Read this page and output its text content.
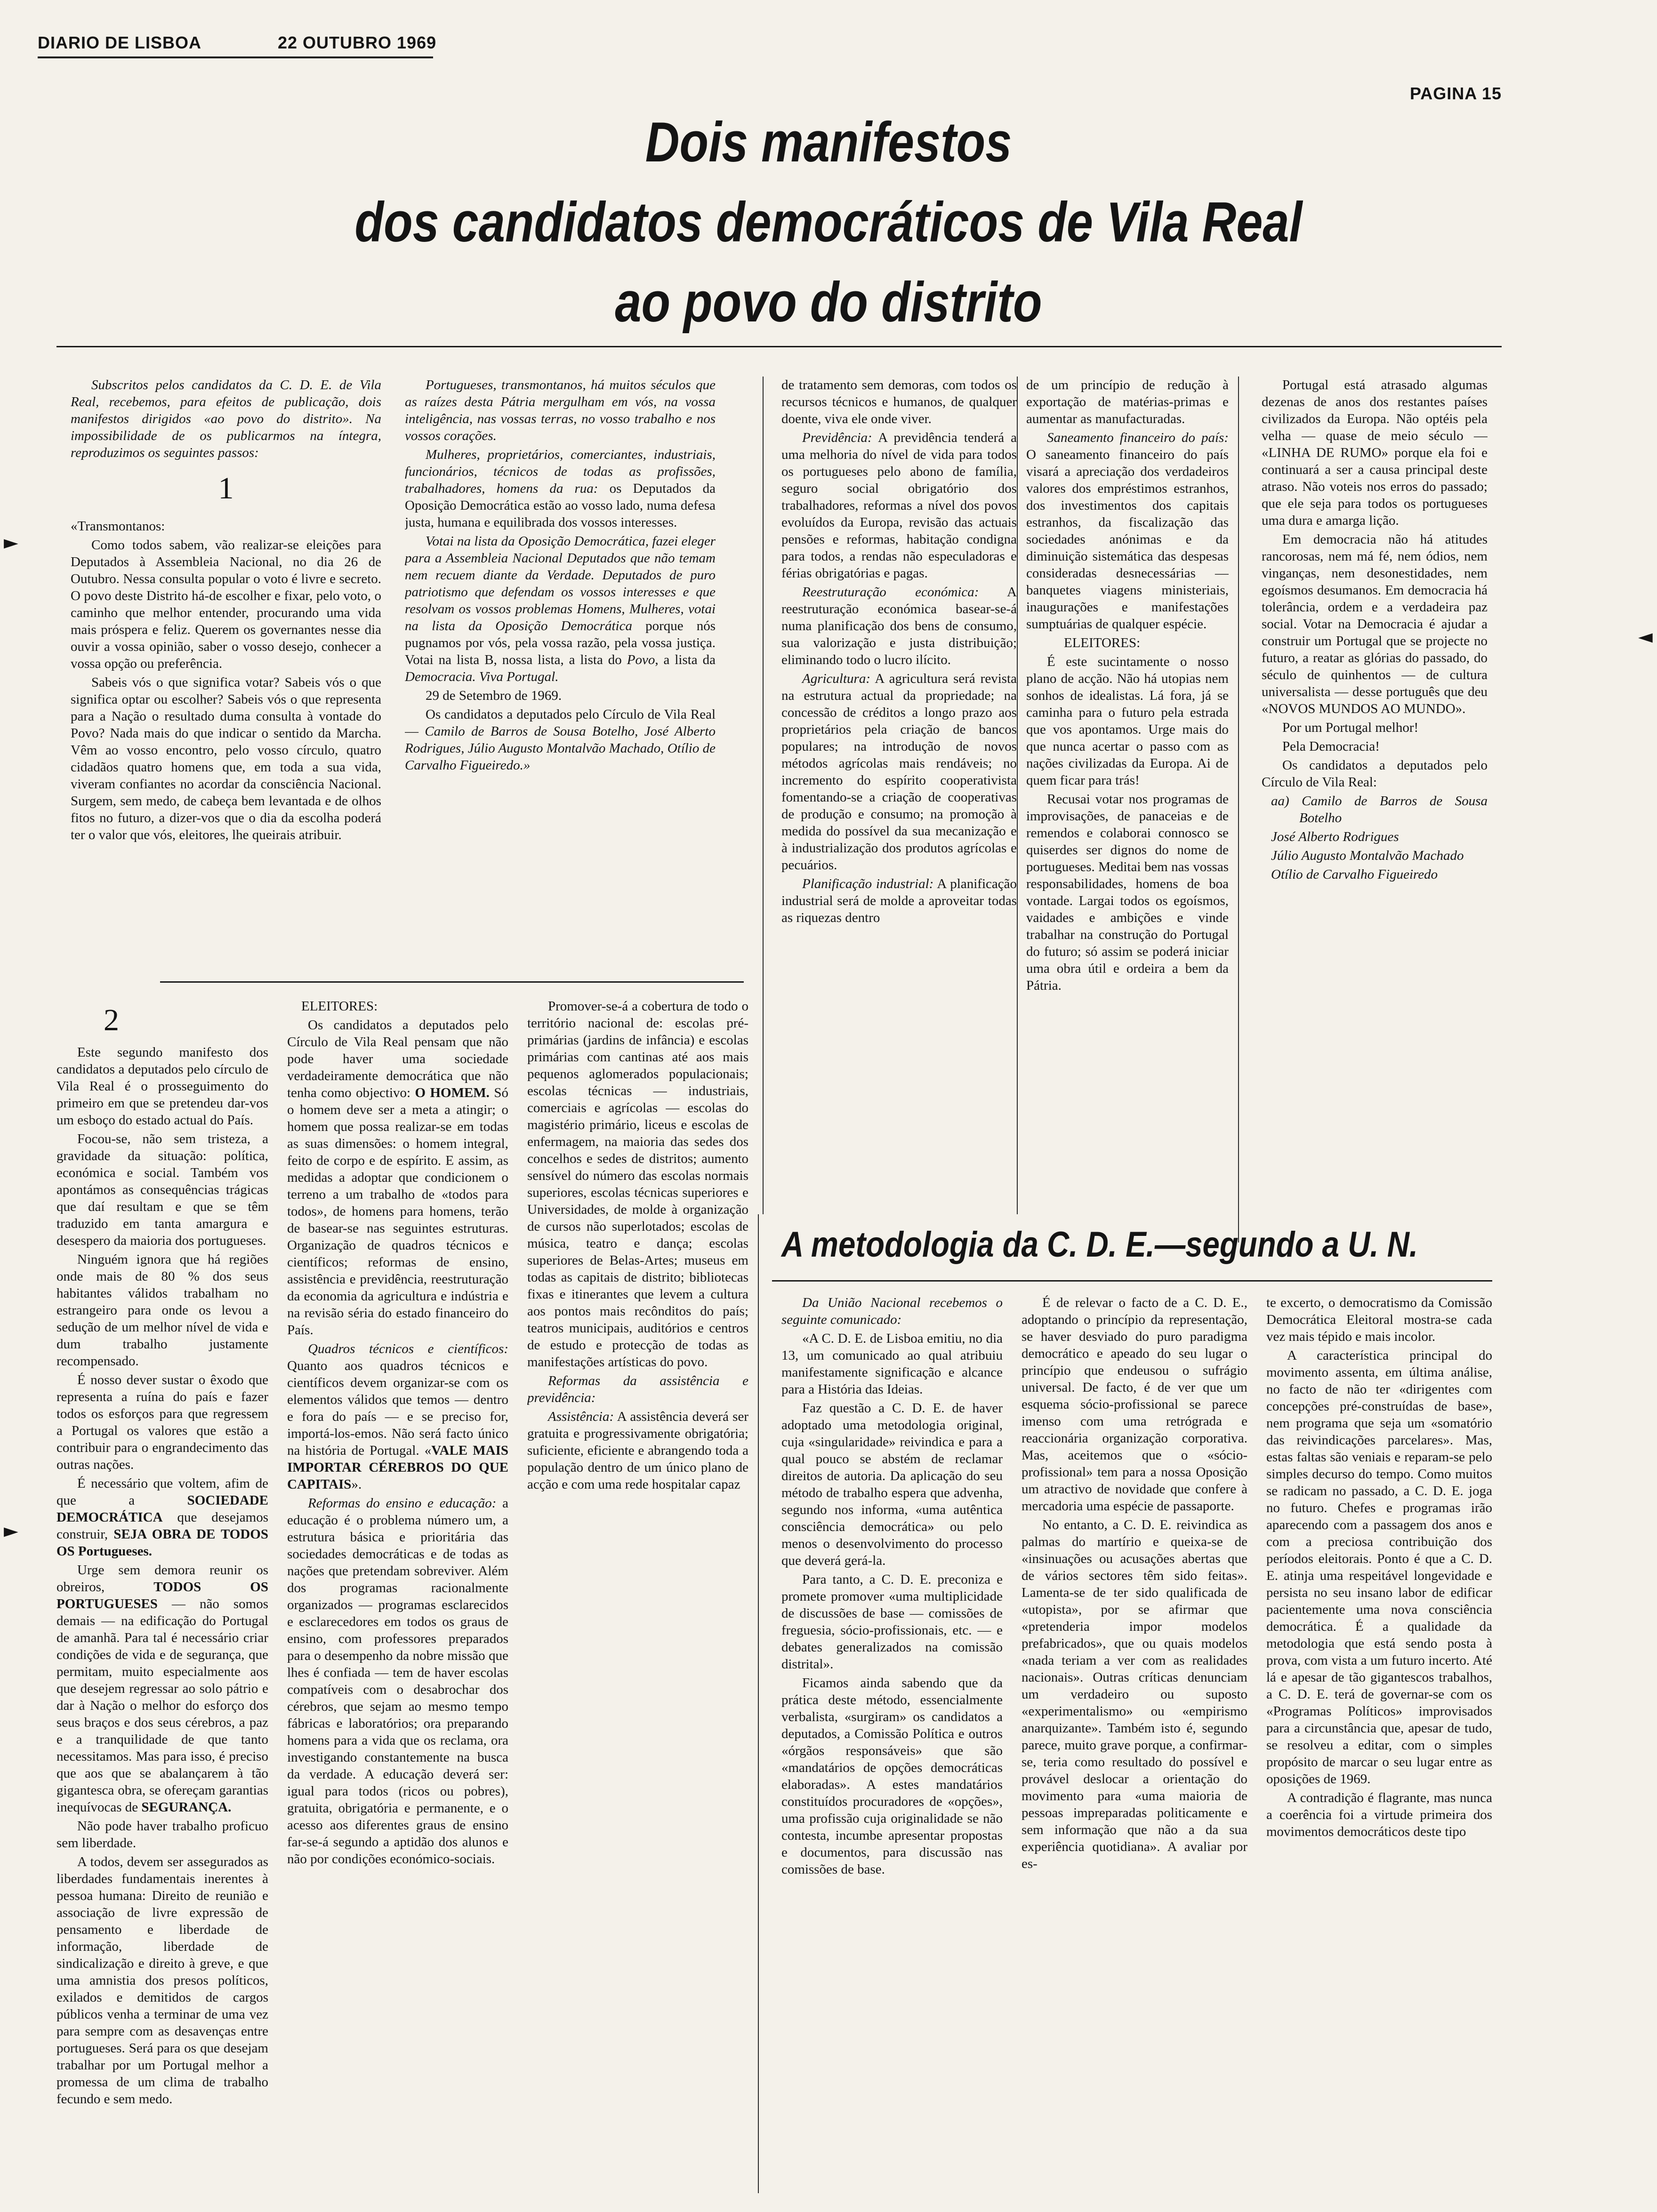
DIARIO DE LISBOA	22 OUTUBRO 1969
PAGINA 15
Dois manifestos
dos candidatos democráticos de Vila Real
ao povo do distrito

Subscritos pelos candidatos da C. D. E. de Vila Real, recebemos, para efeitos de publicação, dois manifestos dirigidos «ao povo do distrito». Na impossibilidade de os publicarmos na íntegra, reproduzimos os seguintes passos:

1

«Transmontanos:

Como todos sabem, vão realizar-se eleições para Deputados à Assembleia Nacional, no dia 26 de Outubro. Nessa consulta popular o voto é livre e secreto. O povo deste Distrito há-de escolher e fixar, pelo voto, o caminho que melhor entender, procurando uma vida mais próspera e feliz. Querem os governantes nesse dia ouvir a vossa opinião, saber o vosso desejo, conhecer a vossa opção ou preferência.

Sabeis vós o que significa votar? Sabeis vós o que significa optar ou escolher? Sabeis vós o que representa para a Nação o resultado duma consulta à vontade do Povo? Nada mais do que indicar o sentido da Marcha. Vêm ao vosso encontro, pelo vosso círculo, quatro cidadãos quatro homens que, em toda a sua vida, viveram confiantes no acordar da consciência Nacional. Surgem, sem medo, de cabeça bem levantada e de olhos fitos no futuro, a dizer-vos que o dia da escolha poderá ter o valor que vós, eleitores, lhe queirais atribuir.

Portugueses, transmontanos, há muitos séculos que as raízes desta Pátria mergulham em vós, na vossa inteligência, nas vossas terras, no vosso trabalho e nos vossos corações.

Mulheres, proprietários, comerciantes, industriais, funcionários, técnicos de todas as profissões, trabalhadores, homens da rua: os Deputados da Oposição Democrática estão ao vosso lado, numa defesa justa, humana e equilibrada dos vossos interesses.

Votai na lista da Oposição Democrática, fazei eleger para a Assembleia Nacional Deputados que não temam nem recuem diante da Verdade. Deputados de puro patriotismo que defendam os vossos interesses e que resolvam os vossos problemas Homens, Mulheres, votai na lista da Oposição Democrática porque nós pugnamos por vós, pela vossa razão, pela vossa justiça. Votai na lista B, nossa lista, a lista do Povo, a lista da Democracia. Viva Portugal.

29 de Setembro de 1969.

Os candidatos a deputados pelo Círculo de Vila Real — Camilo de Barros de Sousa Botelho, José Alberto Rodrigues, Júlio Augusto Montalvão Machado, Otílio de Carvalho Figueiredo.»

de tratamento sem demoras, com todos os recursos técnicos e humanos, de qualquer doente, viva ele onde viver.

Previdência: A previdência tenderá a uma melhoria do nível de vida para todos os portugueses pelo abono de família, seguro social obrigatório dos trabalhadores, reformas a nível dos povos evoluídos da Europa, revisão das actuais pensões e reformas, habitação condigna para todos, a rendas não especuladoras e férias obrigatórias e pagas.

Reestruturação económica: A reestruturação económica basear-se-á numa planificação dos bens de consumo, sua valorização e justa distribuição; eliminando todo o lucro ilícito.

Agricultura: A agricultura será revista na estrutura actual da propriedade; na concessão de créditos a longo prazo aos proprietários pela criação de bancos populares; na introdução de novos métodos agrícolas mais rendáveis; no incremento do espírito cooperativista fomentando-se a criação de cooperativas de produção e consumo; na promoção à medida do possível da sua mecanização e à industrialização dos produtos agrícolas e pecuários.

Planificação industrial: A planificação industrial será de molde a aproveitar todas as riquezas dentro

Portugal está atrasado algumas dezenas de anos dos restantes países civilizados da Europa. Não optéis pela velha — quase de meio século — «LINHA DE RUMO» porque ela foi e continuará a ser a causa principal deste atraso. Não voteis nos erros do passado; que ele seja para todos os portugueses uma dura e amarga lição.

Em democracia não há atitudes rancorosas, nem má fé, nem ódios, nem vinganças, nem desonestidades, nem egoísmos desumanos. Em democracia há tolerância, ordem e a verdadeira paz social. Votar na Democracia é ajudar a construir um Portugal que se projecte no futuro, a reatar as glórias do passado, do século de quinhentos — de cultura universalista — desse português que deu «NOVOS MUNDOS AO MUNDO».

Por um Portugal melhor!

Pela Democracia!

Os candidatos a deputados pelo Círculo de Vila Real:

aa) Camilo de Barros de Sousa Botelho

José Alberto Rodrigues

Júlio Augusto Montalvão Machado

Otílio de Carvalho Figueiredo

de um princípio de redução à exportação de matérias-primas e aumentar as manufacturadas.

Saneamento financeiro do país: O saneamento financeiro do país visará a apreciação dos verdadeiros valores dos empréstimos estranhos, dos investimentos dos capitais estranhos, da fiscalização das sociedades anónimas e da diminuição sistemática das despesas consideradas desnecessárias — banquetes viagens ministeriais, inaugurações e manifestações sumptuárias de qualquer espécie.

ELEITORES:

É este sucintamente o nosso plano de acção. Não há utopias nem sonhos de idealistas. Lá fora, já se caminha para o futuro pela estrada que vos apontamos. Urge mais do que nunca acertar o passo com as nações civilizadas da Europa. Ai de quem ficar para trás!

Recusai votar nos programas de improvisações, de panaceias e de remendos e colaborai connosco se quiserdes ser dignos do nome de portugueses. Meditai bem nas vossas responsabilidades, homens de boa vontade. Largai todos os egoísmos, vaidades e ambições e vinde trabalhar na construção do Portugal do futuro; só assim se poderá iniciar uma obra útil e ordeira a bem da Pátria.

2

Este segundo manifesto dos candidatos a deputados pelo círculo de Vila Real é o prosseguimento do primeiro em que se pretendeu dar-vos um esboço do estado actual do País.

Focou-se, não sem tristeza, a gravidade da situação: política, económica e social. Também vos apontámos as consequências trágicas que daí resultam e que se têm traduzido em tanta amargura e desespero da maioria dos portugueses.

Ninguém ignora que há regiões onde mais de 80 % dos seus habitantes válidos trabalham no estrangeiro para onde os levou a sedução de um melhor nível de vida e dum trabalho justamente recompensado.

É nosso dever sustar o êxodo que representa a ruína do país e fazer todos os esforços para que regressem a Portugal os valores que estão a contribuir para o engrandecimento das outras nações.

É necessário que voltem, afim de que a SOCIEDADE DEMOCRÁTICA que desejamos construir, SEJA OBRA DE TODOS OS Portugueses.

Urge sem demora reunir os obreiros, TODOS OS PORTUGUESES — não somos demais — na edificação do Portugal de amanhã. Para tal é necessário criar condições de vida e de segurança, que permitam, muito especialmente aos que desejem regressar ao solo pátrio e dar à Nação o melhor do esforço dos seus braços e dos seus cérebros, a paz e a tranquilidade de que tanto necessitamos. Mas para isso, é preciso que aos que se abalançarem à tão gigantesca obra, se ofereçam garantias inequívocas de SEGURANÇA.

Não pode haver trabalho proficuo sem liberdade.

A todos, devem ser assegurados as liberdades fundamentais inerentes à pessoa humana: Direito de reunião e associação de livre expressão de pensamento e liberdade de informação, liberdade de sindicalização e direito à greve, e que uma amnistia dos presos políticos, exilados e demitidos de cargos públicos venha a terminar de uma vez para sempre com as desavenças entre portugueses. Será para os que desejam trabalhar por um Portugal melhor a promessa de um clima de trabalho fecundo e sem medo.

ELEITORES:

Os candidatos a deputados pelo Círculo de Vila Real pensam que não pode haver uma sociedade verdadeiramente democrática que não tenha como objectivo: O HOMEM. Só o homem deve ser a meta a atingir; o homem que possa realizar-se em todas as suas dimensões: o homem integral, feito de corpo e de espírito. E assim, as medidas a adoptar que condicionem o terreno a um trabalho de «todos para todos», de homens para homens, terão de basear-se nas seguintes estruturas. Organização de quadros técnicos e científicos; reformas de ensino, assistência e previdência, reestruturação da economia da agricultura e indústria e na revisão séria do estado financeiro do País.

Quadros técnicos e científicos: Quanto aos quadros técnicos e científicos devem organizar-se com os elementos válidos que temos — dentro e fora do país — e se preciso for, importá-los-emos. Não será facto único na história de Portugal. «VALE MAIS IMPORTAR CÉREBROS DO QUE CAPITAIS».

Reformas do ensino e educação: a educação é o problema número um, a estrutura básica e prioritária das sociedades democráticas e de todas as nações que pretendam sobreviver. Além dos programas racionalmente organizados — programas esclarecidos e esclarecedores em todos os graus de ensino, com professores preparados para o desempenho da nobre missão que lhes é confiada — tem de haver escolas compatíveis com o desabrochar dos cérebros, que sejam ao mesmo tempo fábricas e laboratórios; ora preparando homens para a vida que os reclama, ora investigando constantemente na busca da verdade. A educação deverá ser: igual para todos (ricos ou pobres), gratuita, obrigatória e permanente, e o acesso aos diferentes graus de ensino far-se-á segundo a aptidão dos alunos e não por condições económico-sociais.

Promover-se-á a cobertura de todo o território nacional de: escolas pré-primárias (jardins de infância) e escolas primárias com cantinas até aos mais pequenos aglomerados populacionais; escolas técnicas — industriais, comerciais e agrícolas — escolas do magistério primário, liceus e escolas de enfermagem, na maioria das sedes dos concelhos e sedes de distritos; aumento sensível do número das escolas normais superiores, escolas técnicas superiores e Universidades, de molde à organização de cursos não superlotados; escolas de música, teatro e dança; escolas superiores de Belas-Artes; museus em todas as capitais de distrito; bibliotecas fixas e itinerantes que levem a cultura aos pontos mais recônditos do país; teatros municipais, auditórios e centros de estudo e protecção de todas as manifestações artísticas do povo.

Reformas da assistência e previdência:

Assistência: A assistência deverá ser gratuita e progressivamente obrigatória; suficiente, eficiente e abrangendo toda a população dentro de um único plano de acção e com uma rede hospitalar capaz

A metodologia da C. D. E.—segundo a U. N.

Da União Nacional recebemos o seguinte comunicado:

«A C. D. E. de Lisboa emitiu, no dia 13, um comunicado ao qual atribuiu manifestamente significação e alcance para a História das Ideias.

Faz questão a C. D. E. de haver adoptado uma metodologia original, cuja «singularidade» reivindica e para a qual pouco se abstém de reclamar direitos de autoria. Da aplicação do seu método de trabalho espera que advenha, segundo nos informa, «uma autêntica consciência democrática» ou pelo menos o desenvolvimento do processo que deverá gerá-la.

Para tanto, a C. D. E. preconiza e promete promover «uma multiplicidade de discussões de base — comissões de freguesia, sócio-profissionais, etc. — e debates generalizados na comissão distrital».

Ficamos ainda sabendo que da prática deste método, essencialmente verbalista, «surgiram» os candidatos a deputados, a Comissão Política e outros «órgãos responsáveis» que são «mandatários de opções democráticas elaboradas». A estes mandatários constituídos procuradores de «opções», uma profissão cuja originalidade se não contesta, incumbe apresentar propostas e documentos, para discussão nas comissões de base.

É de relevar o facto de a C. D. E., adoptando o princípio da representação, se haver desviado do puro paradigma democrático e apeado do seu lugar o princípio que endeusou o sufrágio universal. De facto, é de ver que um esquema sócio-profissional se parece imenso com uma retrógrada e reaccionária organização corporativa. Mas, aceitemos que o «sócio-profissional» tem para a nossa Oposição um atractivo de novidade que confere à mercadoria uma espécie de passaporte.

No entanto, a C. D. E. reivindica as palmas do martírio e queixa-se de «insinuações ou acusações abertas que de vários sectores têm sido feitas». Lamenta-se de ter sido qualificada de «utopista», por se afirmar que «pretenderia impor modelos prefabricados», que ou quais modelos «nada teriam a ver com as realidades nacionais». Outras críticas denunciam um verdadeiro ou suposto «experimentalismo» ou «empirismo anarquizante». Também isto é, segundo parece, muito grave porque, a confirmar-se, teria como resultado do possível e provável deslocar a orientação do movimento para «uma maioria de pessoas impreparadas politicamente e sem informação que não a da sua experiência quotidiana». A avaliar por es-

te excerto, o democratismo da Comissão Democrática Eleitoral mostra-se cada vez mais tépido e mais incolor.

A característica principal do movimento assenta, em última análise, no facto de não ter «dirigentes com concepções pré-construídas de base», nem programa que seja um «somatório das reivindicações parcelares». Mas, estas faltas são veniais e reparam-se pelo simples decurso do tempo. Como muitos se radicam no passado, a C. D. E. joga no futuro. Chefes e programas irão aparecendo com a passagem dos anos e com a preciosa contribuição dos períodos eleitorais. Ponto é que a C. D. E. atinja uma respeitável longevidade e persista no seu insano labor de edificar pacientemente uma nova consciência democrática. É a qualidade da metodologia que está sendo posta à prova, com vista a um futuro incerto. Até lá e apesar de tão gigantescos trabalhos, a C. D. E. terá de governar-se com os «Programas Políticos» improvisados para a circunstância que, apesar de tudo, se resolveu a editar, com o simples propósito de marcar o seu lugar entre as oposições de 1969.

A contradição é flagrante, mas nunca a coerência foi a virtude primeira dos movimentos democráticos deste tipo

►
►
◄
